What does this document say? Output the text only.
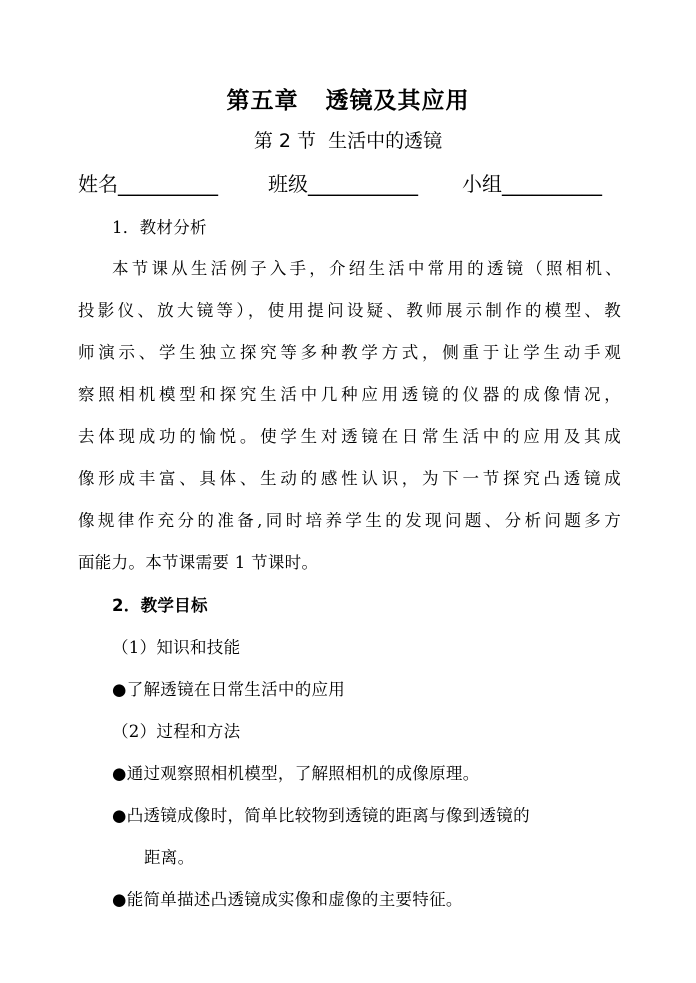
第五章   透镜及其应用
第 2 节  生活中的透镜

姓名__________

	班级___________

小组__________

1．教材分析
本节课从生活例子入手，介绍生活中常用的透镜（照相机、
投影仪、放大镜等），使用提问设疑、教师展示制作的模型、教
师演示、学生独立探究等多种教学方式，侧重于让学生动手观
察照相机模型和探究生活中几种应用透镜的仪器的成像情况，
去体现成功的愉悦。使学生对透镜在日常生活中的应用及其成
像形成丰富、具体、生动的感性认识，为下一节探究凸透镜成
像规律作充分的准备,同时培养学生的发现问题、分析问题多方
面能力。本节课需要 1 节课时。
2．教学目标
（1）知识和技能
●了解透镜在日常生活中的应用
（2）过程和方法
●通过观察照相机模型，了解照相机的成像原理。
●凸透镜成像时，简单比较物到透镜的距离与像到透镜的
距离。
●能简单描述凸透镜成实像和虚像的主要特征。
